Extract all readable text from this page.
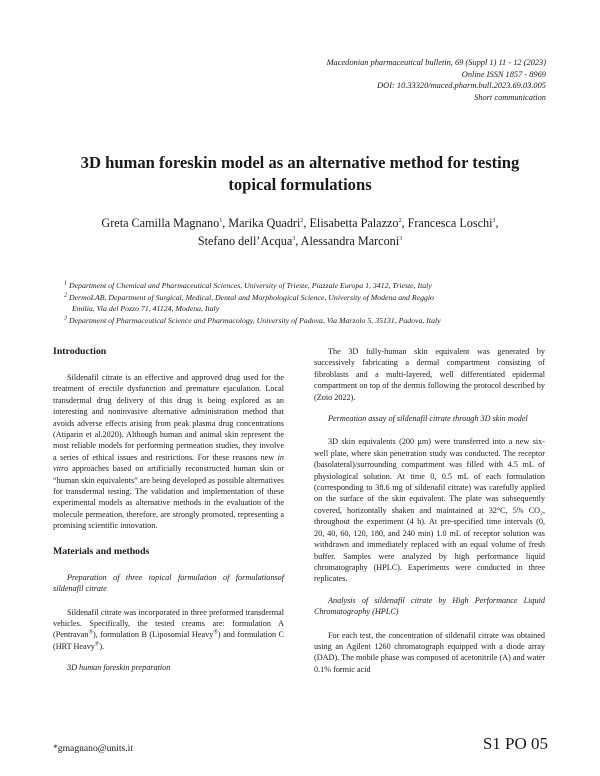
Macedonian pharmaceutical bulletin, 69 (Suppl 1) 11 - 12 (2023)
Online ISSN 1857 - 8969
DOI: 10.33320/maced.pharm.bull.2023.69.03.005
Short communication
3D human foreskin model as an alternative method for testing
topical formulations
Greta Camilla Magnano$^1$, Marika Quadri$^2$, Elisabetta Palazzo$^2$, Francesca Loschi$^3$,
Stefano dell’Acqua$^3$, Alessandra Marconi$^3$
$^1$ Department of Chemical and Pharmaceutical Sciences, University of Trieste, Piazzale Europa 1, 3412, Trieste, Italy
$^2$ DermoLAB, Department of Surgical, Medical, Dental and Morphological Science, University of Modena and Reggio
Emilia, Via del Pozzo 71, 41124, Modena, Italy
$^3$ Department of Pharmaceutical Science and Pharmacology, University of Padova, Via Marzolo 5, 35131, Padova, Italy
Introduction

Sildenafil citrate is an effective and approved drug used for the treatment of erectile dysfunction and premature ejaculation. Local transdermal drug delivery of this drug is being explored as an interesting and noninvasive alternative administration method that avoids adverse effects arising from peak plasma drug concentrations (Atiparin et al.2020). Although human and animal skin represent the most reliable models for performing permeation studies, they involve a series of ethical issues and restrictions. For these reasons new in vitro approaches based on artificially reconstructed human skin or “human skin equivalents” are being developed as possible alternatives for transdermal testing. The validation and implementation of these experimental models as alternative methods in the evaluation of the molecule permeation, therefore, are strongly promoted, representing a promising scientific innovation.

Materials and methods

Preparation of three topical formulation of formulationsof sildenafil citrate

Sildenafil citrate was incorporated in three preformed transdermal vehicles. Specifically, the tested creams are: formulation A (Pentravan®), formulation B (Liposomial Heavy®) and formulation C (HRT Heavy®).

3D human foreskin preparation

The 3D fully-human skin equivalent was generated by successively fabricating a dermal compartment consisting of fibroblasts and a multi-layered, well differentiated epidermal compartment on top of the dermis following the protocol described by (Zoio 2022).

Permeation assay of sildenafil citrate through 3D skin model

3D skin equivalents (200 μm) were transferred into a new six-well plate, where skin penetration study was conducted. The receptor (basolateral)/surrounding compartment was filled with 4.5 mL of physiological solution. At time 0, 0.5 mL of each formulation (corresponding to 38.6 mg of sildenafil citrate) was carefully applied on the surface of the skin equivalent. The plate was subsequently covered, horizontally shaken and maintained at 32°C, 5% CO₂, throughout the experiment (4 h). At pre-specified time intervals (0, 20, 40, 60, 120, 180, and 240 min) 1.0 mL of receptor solution was withdrawn and immediately replaced with an equal volume of fresh buffer. Samples were analyzed by high performance liquid chromatography (HPLC). Experiments were conducted in three replicates.

Analysis of sildenafil citrate by High Performance Liquid Chromatography (HPLC)

For each test, the concentration of sildenafil citrate was obtained using an Agilent 1260 chromatograph equipped with a diode array (DAD). The mobile phase was composed of acetonitrile (A) and water 0.1% formic acid

*gmagnano@units.it	S1 PO 05
